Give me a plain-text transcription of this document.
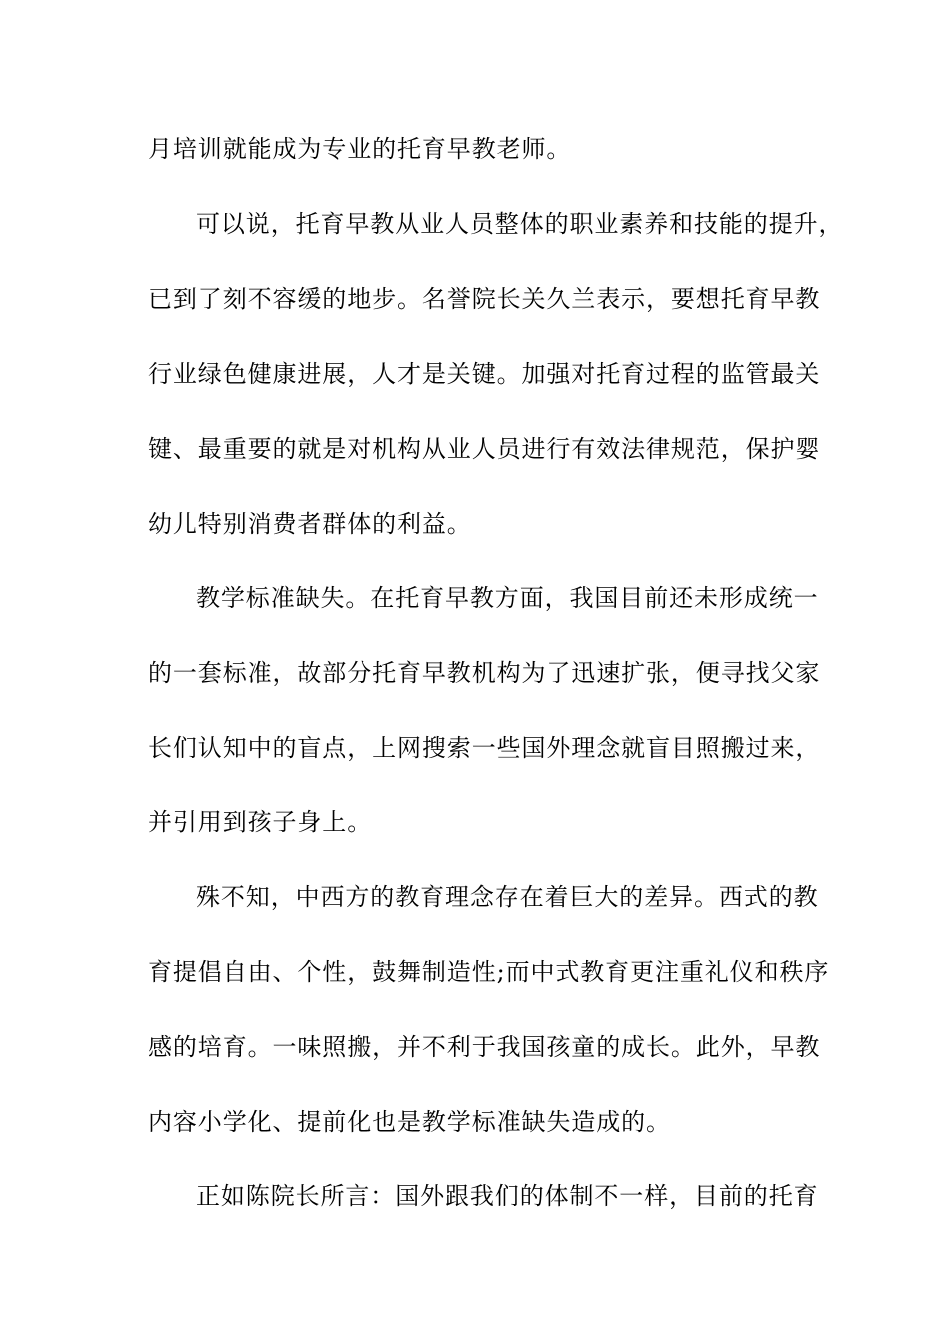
月培训就能成为专业的托育早教老师。
可以说，托育早教从业人员整体的职业素养和技能的提升，
已到了刻不容缓的地步。名誉院长关久兰表示，要想托育早教
行业绿色健康进展，人才是关键。加强对托育过程的监管最关
键、最重要的就是对机构从业人员进行有效法律规范，保护婴
幼儿特别消费者群体的利益。
教学标准缺失。在托育早教方面，我国目前还未形成统一
的一套标准，故部分托育早教机构为了迅速扩张，便寻找父家
长们认知中的盲点，上网搜索一些国外理念就盲目照搬过来，
并引用到孩子身上。
殊不知，中西方的教育理念存在着巨大的差异。西式的教
育提倡自由、个性，鼓舞制造性;而中式教育更注重礼仪和秩序
感的培育。一味照搬，并不利于我国孩童的成长。此外，早教
内容小学化、提前化也是教学标准缺失造成的。
正如陈院长所言：国外跟我们的体制不一样，目前的托育
